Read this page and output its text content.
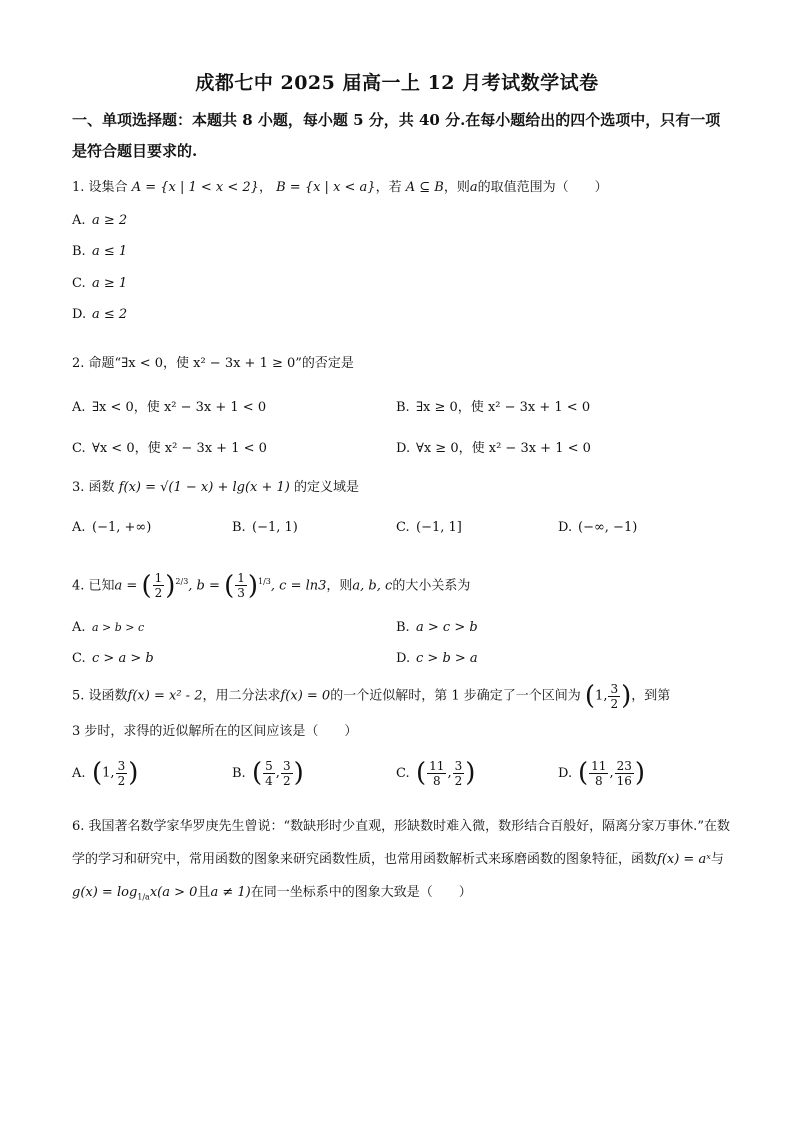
成都七中 2025 届高一上 12 月考试数学试卷
一、单项选择题：本题共 8 小题，每小题 5 分，共 40 分.在每小题给出的四个选项中，只有一项是符合题目要求的.
1. 设集合 A = {x | 1 < x < 2}， B = {x | x < a}，若 A ⊆ B，则a的取值范围为（　　）
A. a ≥ 2
B. a ≤ 1
C. a ≥ 1
D. a ≤ 2
2. 命题“∃x < 0，使 x² − 3x + 1 ≥ 0”的否定是
A. ∃x < 0，使 x² − 3x + 1 < 0	B. ∃x ≥ 0，使 x² − 3x + 1 < 0
C. ∀x < 0，使 x² − 3x + 1 < 0	D. ∀x ≥ 0，使 x² − 3x + 1 < 0
3. 函数 f(x) = √(1 − x) + lg(x + 1) 的定义域是
A. (−1, +∞)	B. (−1, 1)	C. (−1, 1]	D. (−∞, −1)
4. 已知a = ( $\frac{1}{2} )^{2/3}$, b = ( $\frac{1}{3} )^{1/3}$, c = ln3，则a, b, c的大小关系为
A. a > b > c	B. a > c > b
C. c > a > b	D. c > b > a
5. 设函数f(x) = x² - 2，用二分法求f(x) = 0的一个近似解时，第 1 步确定了一个区间为 (1, $\frac{3}{2}$ )，到第
3 步时，求得的近似解所在的区间应该是（　　）
A. (1, $\frac{3}{2}$ )	B. ( $\frac{5}{4}$ , $\frac{3}{2}$ )	C. ( $\frac{11}{8}$ , $\frac{3}{2}$ )	D. ( $\frac{11}{8}$ , $\frac{23}{16}$ )
6. 我国著名数学家华罗庚先生曾说：“数缺形时少直观，形缺数时难入微，数形结合百般好，隔离分家万事休.”在数学的学习和研究中，常用函数的图象来研究函数性质，也常用函数解析式来琢磨函数的图象特征，函数f(x) = aˣ与$g(x) = \log_{1/a}x(a > 0$且a ≠ 1)在同一坐标系中的图象大致是（　　）
